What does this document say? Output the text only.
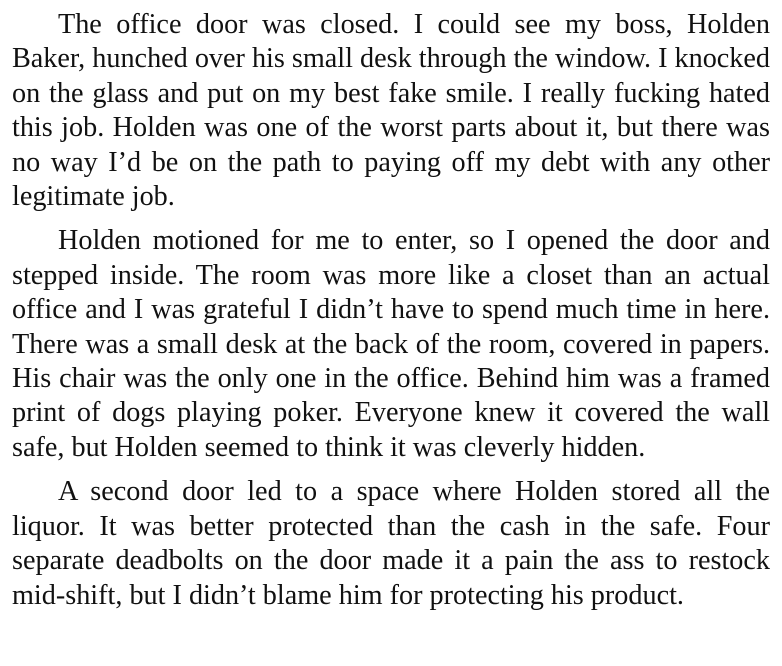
The office door was closed. I could see my boss, Holden Baker, hunched over his small desk through the window. I knocked on the glass and put on my best fake smile. I really fucking hated this job. Holden was one of the worst parts about it, but there was no way I’d be on the path to paying off my debt with any other legitimate job.

Holden motioned for me to enter, so I opened the door and stepped inside. The room was more like a closet than an actual office and I was grateful I didn’t have to spend much time in here. There was a small desk at the back of the room, covered in papers. His chair was the only one in the office. Behind him was a framed print of dogs playing poker. Everyone knew it covered the wall safe, but Holden seemed to think it was cleverly hidden.

A second door led to a space where Holden stored all the liquor. It was better protected than the cash in the safe. Four separate deadbolts on the door made it a pain the ass to restock mid-shift, but I didn’t blame him for protecting his product.
